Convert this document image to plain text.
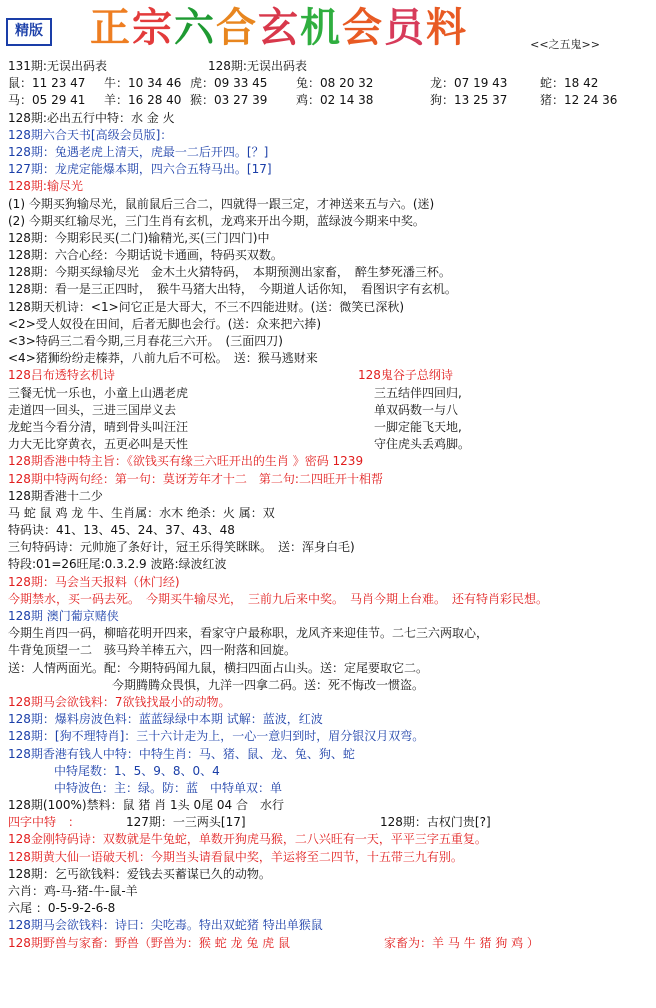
精版 正宗六合玄机会员料	<<之五鬼>>
131期:无误出码表	128期:无误出码表
鼠：11 23 47 牛：10 34 46 虎：09 33 45 兔：08 20 32	龙：07 19 43	蛇：18 42
马：05 29 41 羊：16 28 40 猴：03 27 39 鸡：02 14 38	狗：13 25 37	猪：12 24 36
128期:必出五行中特：水 金 火
128期六合天书[高级会员版]：
128期：兔遇老虎上清天，虎最一二后开四。[？]
127期：龙虎定能爆本期，四六合五特马出。[17]
128期:输尽光
(1) 今期买狗输尽光，鼠前鼠后三合二，四就得一跟三定，才神送来五与六。(迷)
(2) 今期买红输尽光，三门生肖有玄机，龙鸡来开出今期，蓝绿波今期来中奖。
128期：今期彩民买(二门)输精光,买(三门四门)中
128期：六合心经：今期话说卡通画，特码买双数。
128期：今期买绿输尽光　金木土火猜特码，　本期预测出家畜，　醉生梦死潘三杯。
128期：看一是三正四时，　猴牛马猪大出特，　今期道人话你知，　看图识字有玄机。
128期天机诗：<1>问它正是大哥大，不三不四能进财。(送：微笑已深秋)
<2>受人奴役在田间，后者无脚也会行。(送：众来把六捧)
<3>特码三二看今期,三月春花三六开。　(三面四刀)
<4>猪狮纷纷走榛莽，八前九后不可松。　送：猴马逃财来
128吕布透特玄机诗	128鬼谷子总纲诗
三餐无忧一乐也，小童上山遇老虎	三五结伴四回归,
走道四一回头，三进三国岸义去	单双码数一与八
龙蛇当今看分清，晴到骨头叫汪汪	一脚定能飞天地,
力大无比穿黄衣，五更必叫是天性	守住虎头丢鸡脚。
128期香港中特主旨：《欲钱买有缘三六旺开出的生肖 》密码 1239
128期中特两句经：第一句：莫讶芳年才十二　第二句:二四旺开十相帮
128期香港十二少
马 蛇 鼠 鸡 龙 牛、生肖属：水木 绝杀：火 属：双
特码诀：41、13、45、24、37、43、48
三句特码诗：元帅施了条好计，冠王乐得笑眯眯。　送：浑身白毛)
特段:01=26旺尾:0.3.2.9 波路:绿波红波
128期：马会当天报料（休门经)
今期禁水，买一码去死。　今期买牛输尽光，　三前九后来中奖。　马肖今期上台难。　还有特肖彩民想。
128期 澳门葡京赌侠
今期生肖四一码，柳暗花明开四来，看家守户最称职，龙风齐来迎佳节。二七三六两取心，
牛背兔顶望一二　骇马羚羊棒五六，四一附落和回旋。
送：人情两面光。配：今期特码闻九鼠，横扫四面占山头。送：定尾要取它二。
今期腾腾众畏惧，九洋一四拿二码。送：死不悔改一惯盗。
128期马会欲钱料：7欲钱找最小的动物。
128期：爆料房波色料：蓝蓝绿绿中本期 试解：蓝波，红波
128期：[狗不理特肖]：三十六计走为上，一心一意归到时，眉分银汉月双弯。
128期香港有钱人中特：中特生肖：马、猪、鼠、龙、兔、狗、蛇
中特尾数：1、5、9、8、0、4
中特波色：主：绿。防：蓝　中特单双：单
128期(100%)禁料：鼠 猪 肖 1头 0尾 04 合　水行
四字中特　：	127期：一三两头[17]	128期：古权门贵[?]
128金刚特码诗：双数就是牛兔蛇，单数开狗虎马猴，二八兴旺有一天，平平三字五重复。
128期黄大仙一语破天机：今期当头请看鼠中奖，羊运将至二四节，十五带三九有别。
128期：乞丐欲钱料：爱钱去买蓄谋已久的动物。
六肖：鸡-马-猪-牛-鼠-羊
六尾 ：0-5-9-2-6-8
128期马会欲钱料：诗曰：尖吃毒。特出双蛇猪 特出单猴鼠
128期野兽与家畜：野兽（野兽为：猴 蛇 龙 兔 虎 鼠	家畜为：羊 马 牛 猪 狗 鸡 ）
